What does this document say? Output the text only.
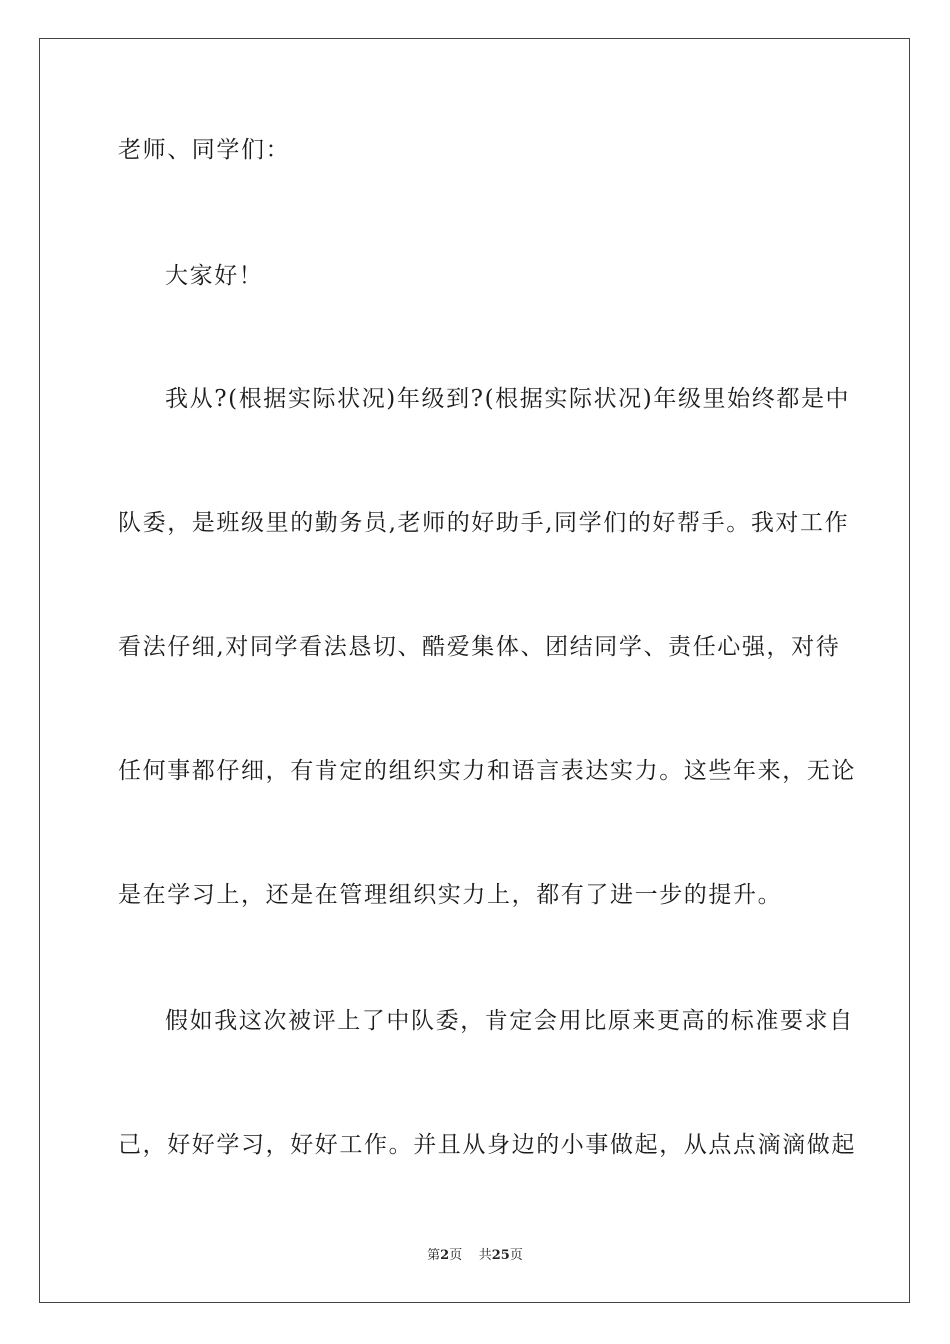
老师、同学们：
大家好！
我从?(根据实际状况)年级到?(根据实际状况)年级里始终都是中
队委，是班级里的勤务员,老师的好助手,同学们的好帮手。我对工作
看法仔细,对同学看法恳切、酷爱集体、团结同学、责任心强，对待
任何事都仔细，有肯定的组织实力和语言表达实力。这些年来，无论
是在学习上，还是在管理组织实力上，都有了进一步的提升。
假如我这次被评上了中队委，肯定会用比原来更高的标准要求自
己，好好学习，好好工作。并且从身边的小事做起，从点点滴滴做起
第2页 共25页
